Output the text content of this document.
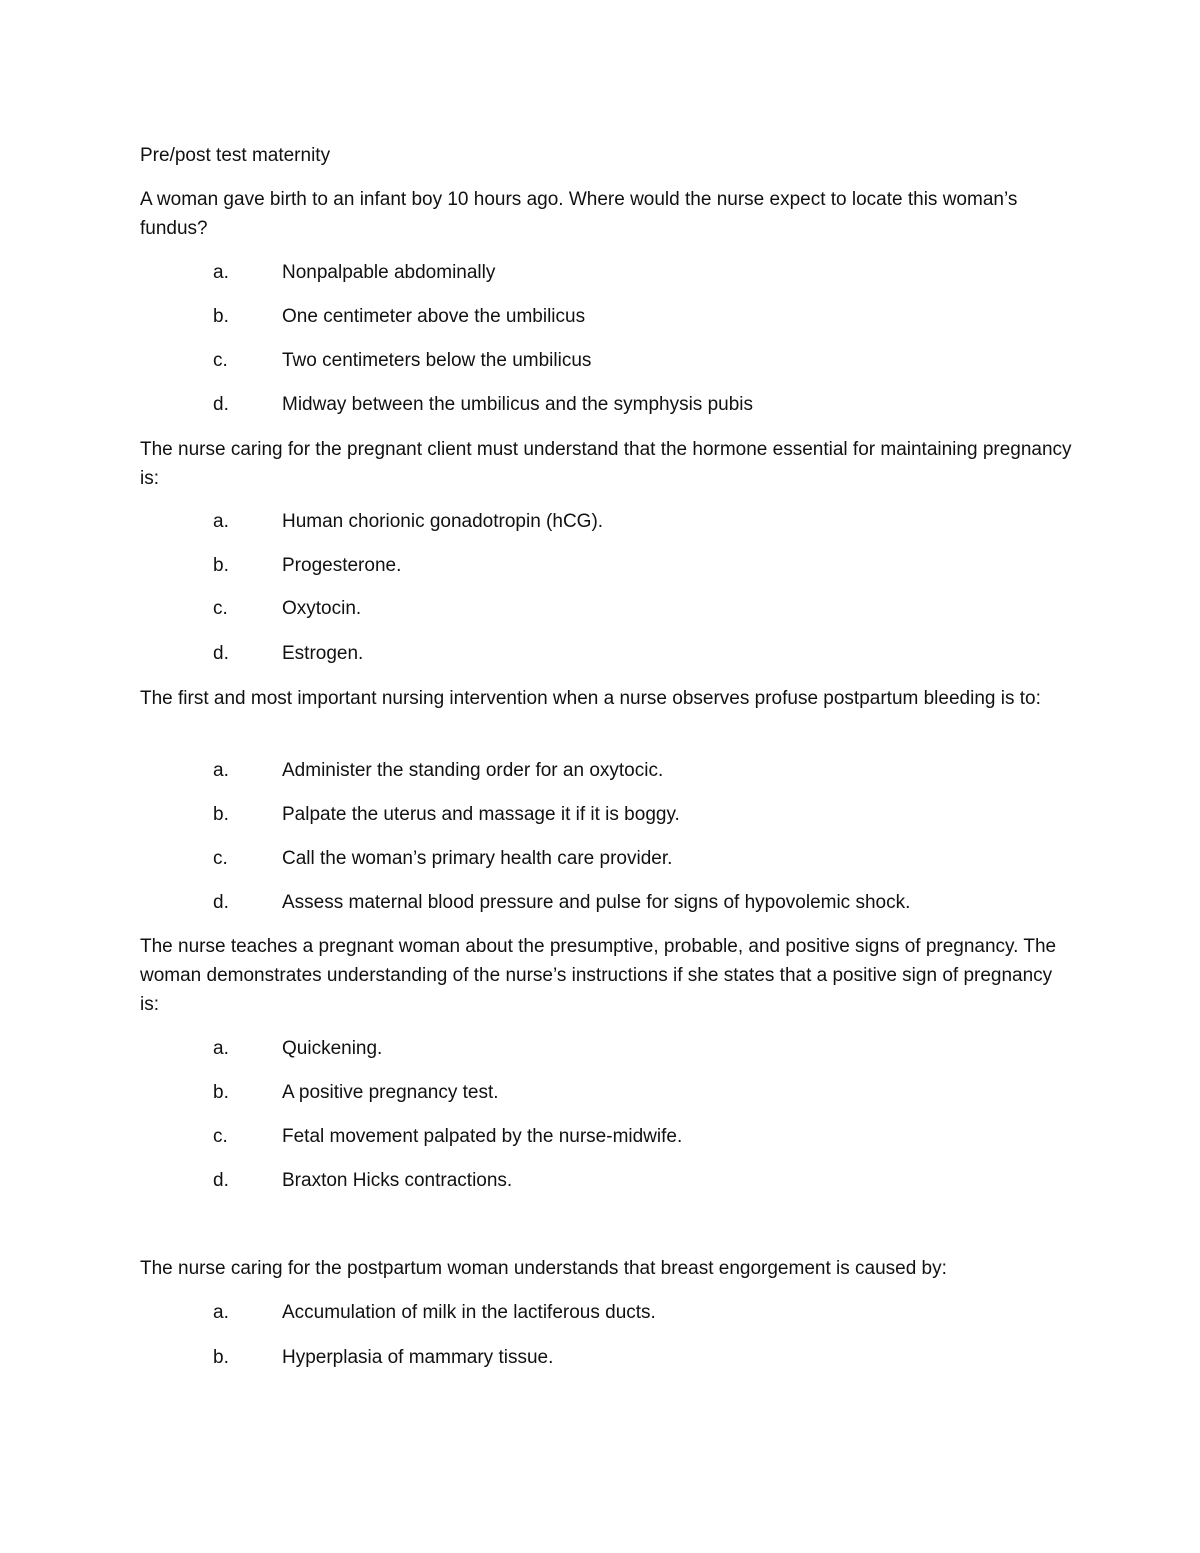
Pre/post test maternity
A woman gave birth to an infant boy 10 hours ago. Where would the nurse expect to locate this woman’s fundus?
a.	Nonpalpable abdominally
b.	One centimeter above the umbilicus
c.	Two centimeters below the umbilicus
d.	Midway between the umbilicus and the symphysis pubis
The nurse caring for the pregnant client must understand that the hormone essential for maintaining pregnancy is:
a.	Human chorionic gonadotropin (hCG).
b.	Progesterone.
c.	Oxytocin.
d.	Estrogen.
The first and most important nursing intervention when a nurse observes profuse postpartum bleeding is to:
a.	Administer the standing order for an oxytocic.
b.	Palpate the uterus and massage it if it is boggy.
c.	Call the woman’s primary health care provider.
d.	Assess maternal blood pressure and pulse for signs of hypovolemic shock.
The nurse teaches a pregnant woman about the presumptive, probable, and positive signs of pregnancy. The woman demonstrates understanding of the nurse’s instructions if she states that a positive sign of pregnancy is:
a.	Quickening.
b.	A positive pregnancy test.
c.	Fetal movement palpated by the nurse-midwife.
d.	Braxton Hicks contractions.
The nurse caring for the postpartum woman understands that breast engorgement is caused by:
a.	Accumulation of milk in the lactiferous ducts.
b.	Hyperplasia of mammary tissue.
